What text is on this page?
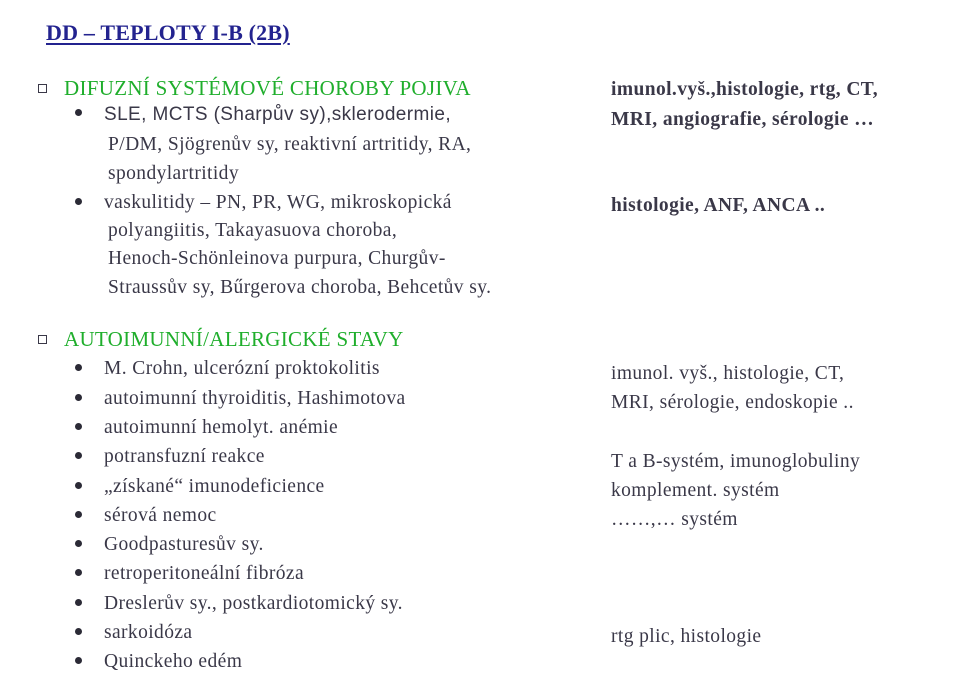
DD – TEPLOTY I-B (2B)
DIFUZNÍ SYSTÉMOVÉ CHOROBY POJIVA
SLE, MCTS (Sharpův sy),sklerodermie,
P/DM, Sjögrenův sy, reaktivní artritidy, RA,
spondylartritidy
vaskulitidy – PN, PR, WG, mikroskopická
polyangiitis, Takayasuova choroba,
Henoch-Schönleinova purpura, Churgův-
Straussův sy, Bűrgerova choroba, Behcetův sy.
imunol.vyš.,histologie, rtg, CT,
MRI, angiografie, sérologie …
histologie, ANF, ANCA ..
AUTOIMUNNÍ/ALERGICKÉ STAVY
M. Crohn, ulcerózní proktokolitis
autoimunní thyroiditis, Hashimotova
autoimunní hemolyt. anémie
potransfuzní reakce
„získané“ imunodeficience
sérová nemoc
Goodpasturesův sy.
retroperitoneální fibróza
Dreslerův sy., postkardiotomický sy.
sarkoidóza
Quinckeho edém
imunol. vyš., histologie, CT,
MRI, sérologie, endoskopie ..
T a B-systém, imunoglobuliny
komplement. systém
……,… systém
rtg plic, histologie
